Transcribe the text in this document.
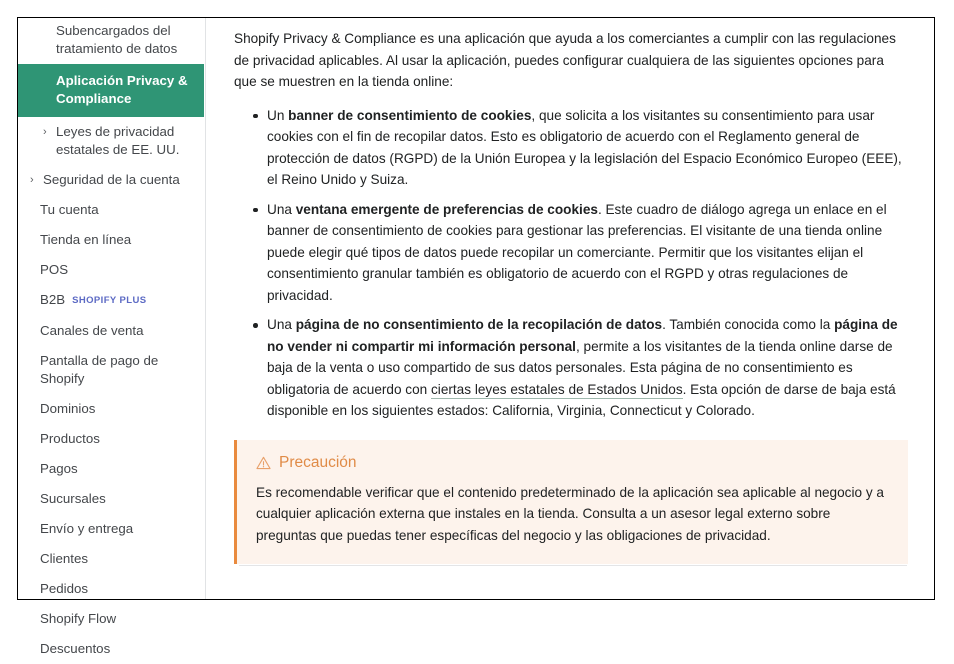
Subencargados del tratamiento de datos
Aplicación Privacy & Compliance
› Leyes de privacidad estatales de EE. UU.
› Seguridad de la cuenta
Tu cuenta
Tienda en línea
POS
B2B SHOPIFY PLUS
Canales de venta
Pantalla de pago de Shopify
Dominios
Productos
Pagos
Sucursales
Envío y entrega
Clientes
Pedidos
Shopify Flow
Descuentos

Shopify Privacy & Compliance es una aplicación que ayuda a los comerciantes a cumplir con las regulaciones de privacidad aplicables. Al usar la aplicación, puedes configurar cualquiera de las siguientes opciones para que se muestren en la tienda online:

Un banner de consentimiento de cookies, que solicita a los visitantes su consentimiento para usar cookies con el fin de recopilar datos. Esto es obligatorio de acuerdo con el Reglamento general de protección de datos (RGPD) de la Unión Europea y la legislación del Espacio Económico Europeo (EEE), el Reino Unido y Suiza.
Una ventana emergente de preferencias de cookies. Este cuadro de diálogo agrega un enlace en el banner de consentimiento de cookies para gestionar las preferencias. El visitante de una tienda online puede elegir qué tipos de datos puede recopilar un comerciante. Permitir que los visitantes elijan el consentimiento granular también es obligatorio de acuerdo con el RGPD y otras regulaciones de privacidad.
Una página de no consentimiento de la recopilación de datos. También conocida como la página de no vender ni compartir mi información personal, permite a los visitantes de la tienda online darse de baja de la venta o uso compartido de sus datos personales. Esta página de no consentimiento es obligatoria de acuerdo con ciertas leyes estatales de Estados Unidos. Esta opción de darse de baja está disponible en los siguientes estados: California, Virginia, Connecticut y Colorado.
Precaución

Es recomendable verificar que el contenido predeterminado de la aplicación sea aplicable al negocio y a cualquier aplicación externa que instales en la tienda. Consulta a un asesor legal externo sobre preguntas que puedas tener específicas del negocio y las obligaciones de privacidad.
